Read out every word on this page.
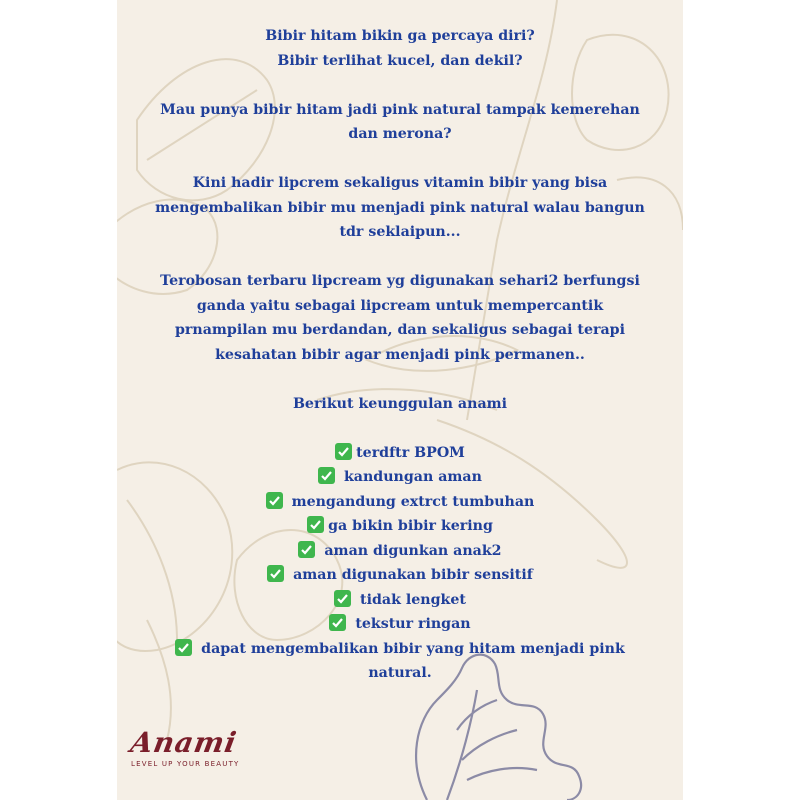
Bibir hitam bikin ga percaya diri?
Bibir terlihat kucel, dan dekil?

Mau punya bibir hitam jadi pink natural tampak kemerehan
dan merona?

Kini hadir lipcrem sekaligus vitamin bibir yang bisa
mengembalikan bibir mu menjadi pink natural walau bangun
tdr seklaipun...

Terobosan terbaru lipcream yg digunakan sehari2 berfungsi
ganda yaitu sebagai lipcream untuk mempercantik
prnampilan mu berdandan, dan sekaligus sebagai terapi
kesahatan bibir agar menjadi pink permanen..

Berikut keunggulan anami

terdftr BPOM
kandungan aman
mengandung extrct tumbuhan
ga bikin bibir kering
aman digunkan anak2
aman digunakan bibir sensitif
tidak lengket
tekstur ringan
dapat mengembalikan bibir yang hitam menjadi pink
natural.
Anami
LEVEL UP YOUR BEAUTY
